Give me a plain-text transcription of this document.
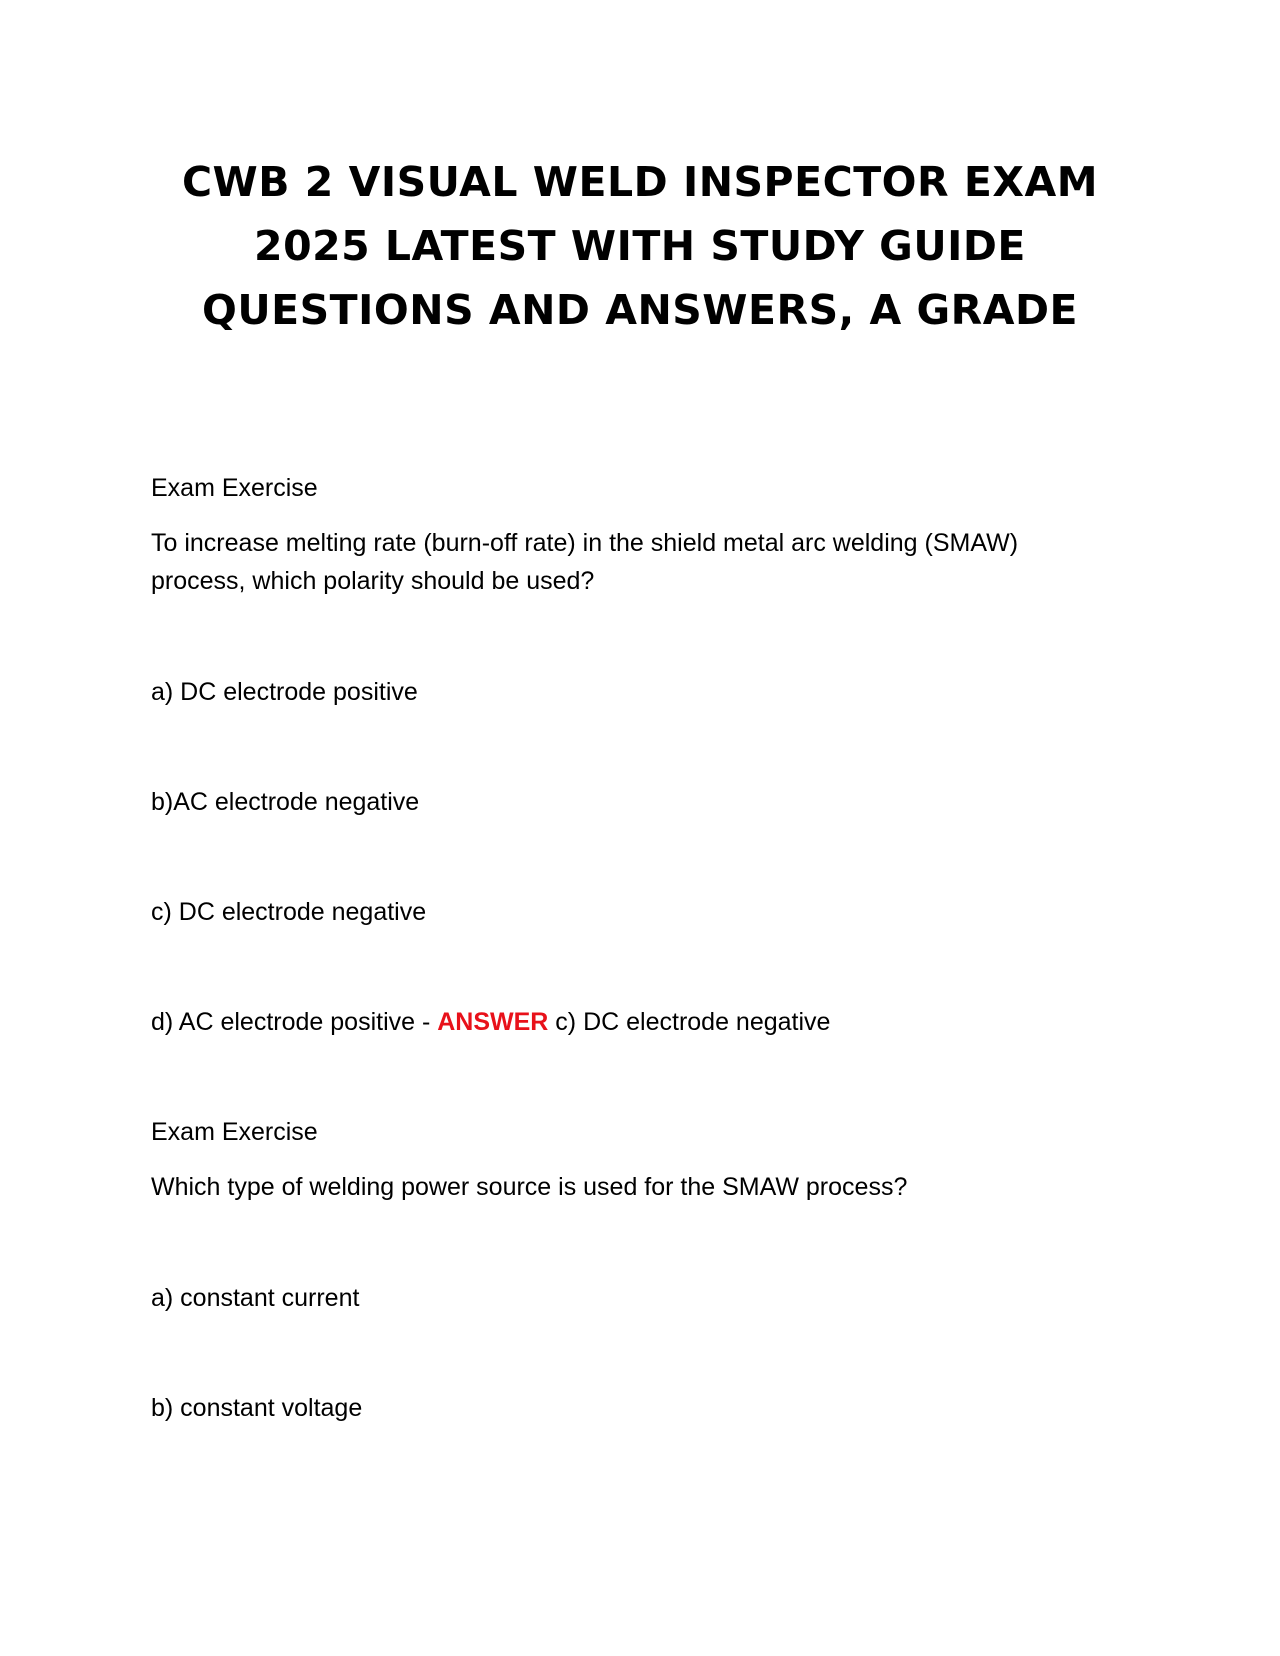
CWB 2 VISUAL WELD INSPECTOR EXAM
2025 LATEST WITH STUDY GUIDE
QUESTIONS AND ANSWERS, A GRADE
Exam Exercise
To increase melting rate (burn-off rate) in the shield metal arc welding (SMAW)
process, which polarity should be used?
a) DC electrode positive
b)AC electrode negative
c) DC electrode negative
d) AC electrode positive - ANSWER c) DC electrode negative
Exam Exercise
Which type of welding power source is used for the SMAW process?
a) constant current
b) constant voltage
